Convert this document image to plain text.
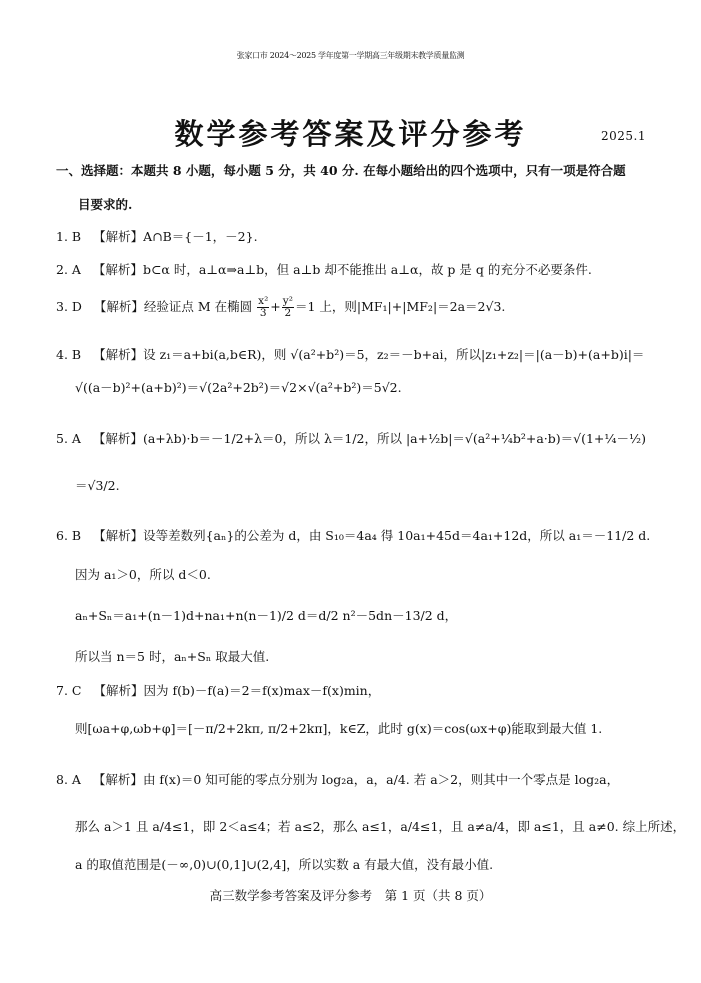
张家口市 2024～2025 学年度第一学期高三年级期末教学质量监测
数学参考答案及评分参考	2025.1
一、选择题：本题共 8 小题，每小题 5 分，共 40 分. 在每小题给出的四个选项中，只有一项是符合题
目要求的.
1. B 【解析】A∩B＝{－1，－2}.
2. A 【解析】b⊂α 时，a⊥α⇒a⊥b，但 a⊥b 却不能推出 a⊥α，故 p 是 q 的充分不必要条件.
3. D 【解析】经验证点 M 在椭圆 $\frac{\text{x²}}{3} + \frac{\text{y²}}{2} =1$ 上，则|MF₁|+|MF₂|＝2a＝2√3.
4. B 【解析】设 z₁＝a+bi(a,b∈R)，则 √(a²+b²)＝5，z₂＝－b+ai，所以|z₁+z₂|＝|(a－b)+(a+b)i|＝
√((a－b)²+(a+b)²)＝√(2a²+2b²)＝√2×√(a²+b²)＝5√2.
5. A 【解析】(a+λb)·b＝－1/2+λ＝0，所以 λ＝1/2，所以 |a+½b|＝√(a²+¼b²+a·b)＝√(1+¼－½)
＝√3/2.
6. B 【解析】设等差数列{aₙ}的公差为 d，由 S₁₀＝4a₄ 得 10a₁+45d＝4a₁+12d，所以 a₁＝－11/2 d.
因为 a₁＞0，所以 d＜0.
aₙ+Sₙ＝a₁+(n－1)d+na₁+n(n－1)/2 d＝d/2 n²－5dn－13/2 d，
所以当 n＝5 时，aₙ+Sₙ 取最大值.
7. C 【解析】因为 f(b)－f(a)＝2＝f(x)max－f(x)min，
则[ωa+φ,ωb+φ]＝[－π/2+2kπ, π/2+2kπ]，k∈Z，此时 g(x)＝cos(ωx+φ)能取到最大值 1.
8. A 【解析】由 f(x)＝0 知可能的零点分别为 log₂a，a，a/4. 若 a＞2，则其中一个零点是 log₂a，
那么 a＞1 且 a/4≤1，即 2＜a≤4；若 a≤2，那么 a≤1，a/4≤1，且 a≠a/4，即 a≤1，且 a≠0. 综上所述，
a 的取值范围是(－∞,0)∪(0,1]∪(2,4]，所以实数 a 有最大值，没有最小值.
高三数学参考答案及评分参考　第 1 页（共 8 页）
